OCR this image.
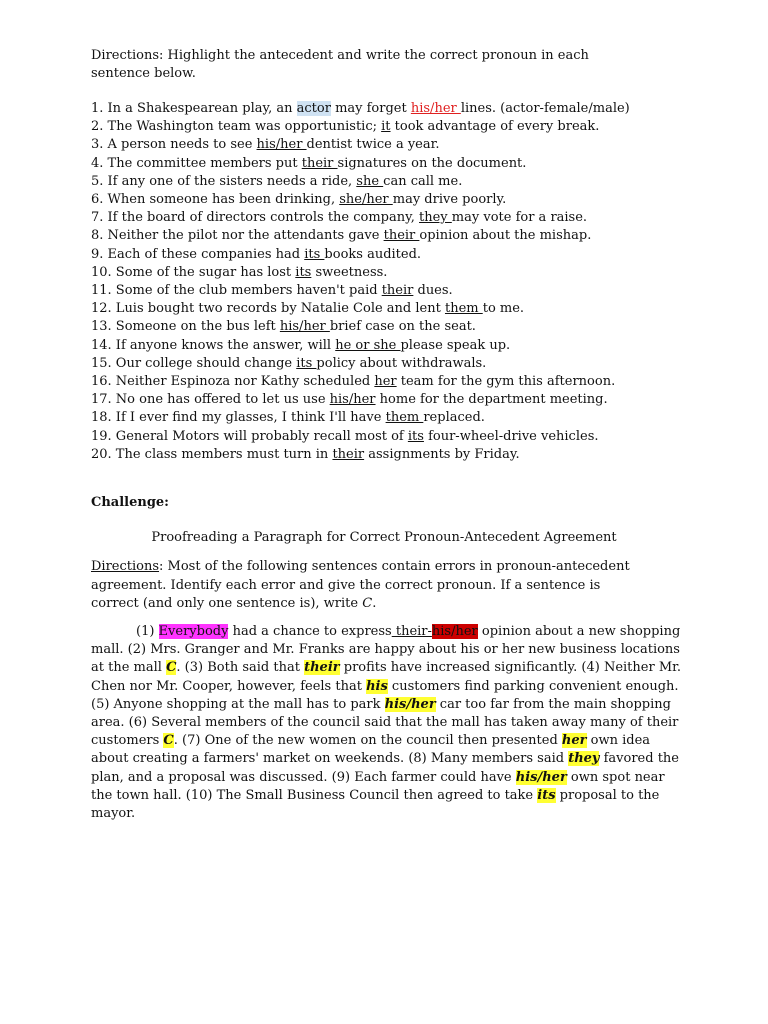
Directions: Highlight the antecedent and write the correct pronoun in each sentence below.
1. In a Shakespearean play, an actor may forget his/her lines. (actor-female/male)
2. The Washington team was opportunistic; it took advantage of every break.
3. A person needs to see his/her dentist twice a year.
4. The committee members put their signatures on the document.
5. If any one of the sisters needs a ride, she can call me.
6. When someone has been drinking, she/her may drive poorly.
7. If the board of directors controls the company, they may vote for a raise.
8. Neither the pilot nor the attendants gave their opinion about the mishap.
9. Each of these companies had its books audited.
10. Some of the sugar has lost its sweetness.
11. Some of the club members haven't paid their dues.
12. Luis bought two records by Natalie Cole and lent them to me.
13. Someone on the bus left his/her brief case on the seat.
14. If anyone knows the answer, will he or she please speak up.
15. Our college should change its policy about withdrawals.
16. Neither Espinoza nor Kathy scheduled her team for the gym this afternoon.
17. No one has offered to let us use his/her home for the department meeting.
18. If I ever find my glasses, I think I'll have them replaced.
19. General Motors will probably recall most of its four-wheel-drive vehicles.
20. The class members must turn in their assignments by Friday.
Challenge:
Proofreading a Paragraph for Correct Pronoun-Antecedent Agreement
Directions: Most of the following sentences contain errors in pronoun-antecedent agreement. Identify each error and give the correct pronoun. If a sentence is correct (and only one sentence is), write C.
(1) Everybody had a chance to express their-his/her opinion about a new shopping mall. (2) Mrs. Granger and Mr. Franks are happy about his or her new business locations at the mall C. (3) Both said that their profits have increased significantly. (4) Neither Mr. Chen nor Mr. Cooper, however, feels that his customers find parking convenient enough. (5) Anyone shopping at the mall has to park his/her car too far from the main shopping area. (6) Several members of the council said that the mall has taken away many of their customers C. (7) One of the new women on the council then presented her own idea about creating a farmers' market on weekends. (8) Many members said they favored the plan, and a proposal was discussed. (9) Each farmer could have his/her own spot near the town hall. (10) The Small Business Council then agreed to take its proposal to the mayor.
